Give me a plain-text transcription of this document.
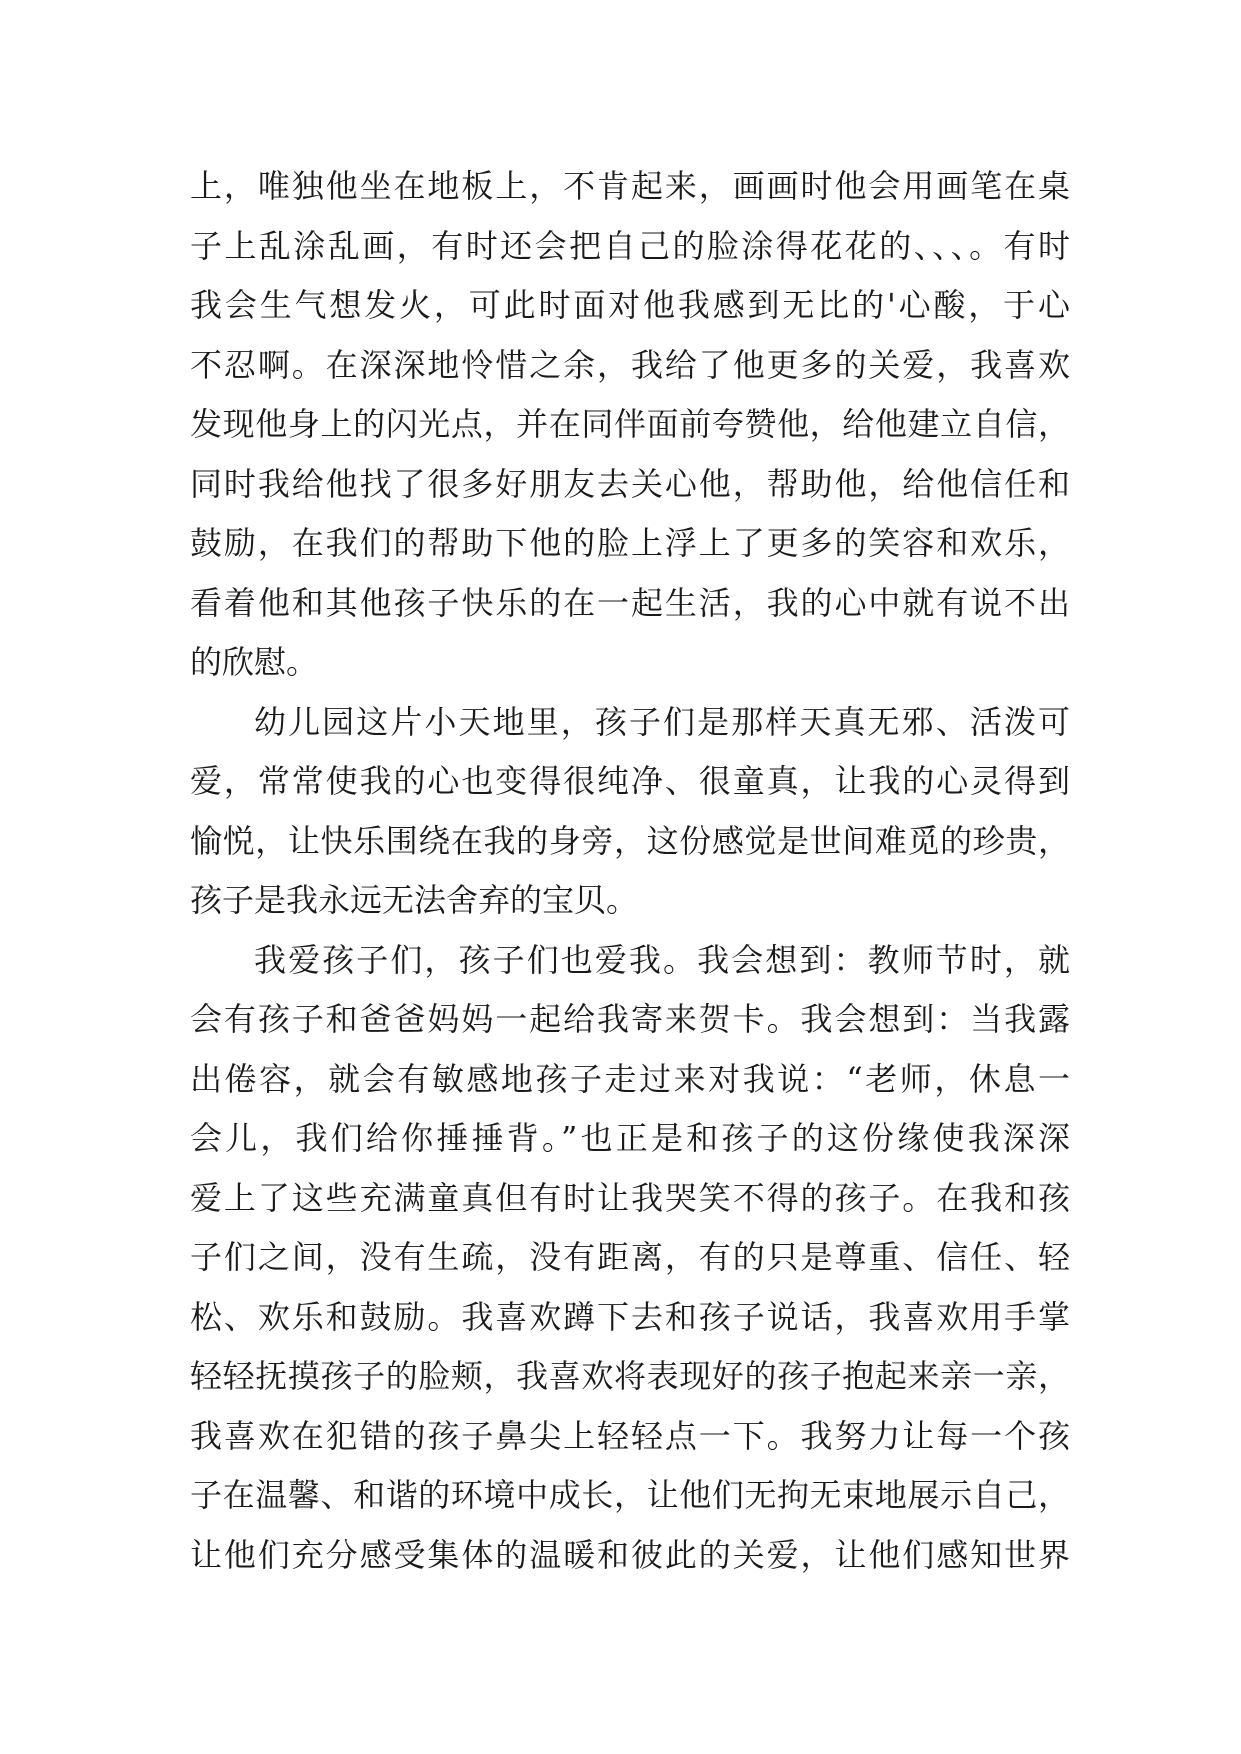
上，唯独他坐在地板上，不肯起来，画画时他会用画笔在桌
子上乱涂乱画，有时还会把自己的脸涂得花花的、、、。有时
我会生气想发火，可此时面对他我感到无比的'心酸，于心
不忍啊。在深深地怜惜之余，我给了他更多的关爱，我喜欢
发现他身上的闪光点，并在同伴面前夸赞他，给他建立自信，
同时我给他找了很多好朋友去关心他，帮助他，给他信任和
鼓励，在我们的帮助下他的脸上浮上了更多的笑容和欢乐，
看着他和其他孩子快乐的在一起生活，我的心中就有说不出
的欣慰。
幼儿园这片小天地里，孩子们是那样天真无邪、活泼可
爱，常常使我的心也变得很纯净、很童真，让我的心灵得到
愉悦，让快乐围绕在我的身旁，这份感觉是世间难觅的珍贵，
孩子是我永远无法舍弃的宝贝。
我爱孩子们，孩子们也爱我。我会想到：教师节时，就
会有孩子和爸爸妈妈一起给我寄来贺卡。我会想到：当我露
出倦容，就会有敏感地孩子走过来对我说：“老师，休息一
会儿，我们给你捶捶背。”也正是和孩子的这份缘使我深深
爱上了这些充满童真但有时让我哭笑不得的孩子。在我和孩
子们之间，没有生疏，没有距离，有的只是尊重、信任、轻
松、欢乐和鼓励。我喜欢蹲下去和孩子说话，我喜欢用手掌
轻轻抚摸孩子的脸颊，我喜欢将表现好的孩子抱起来亲一亲，
我喜欢在犯错的孩子鼻尖上轻轻点一下。我努力让每一个孩
子在温馨、和谐的环境中成长，让他们无拘无束地展示自己，
让他们充分感受集体的温暖和彼此的关爱，让他们感知世界
